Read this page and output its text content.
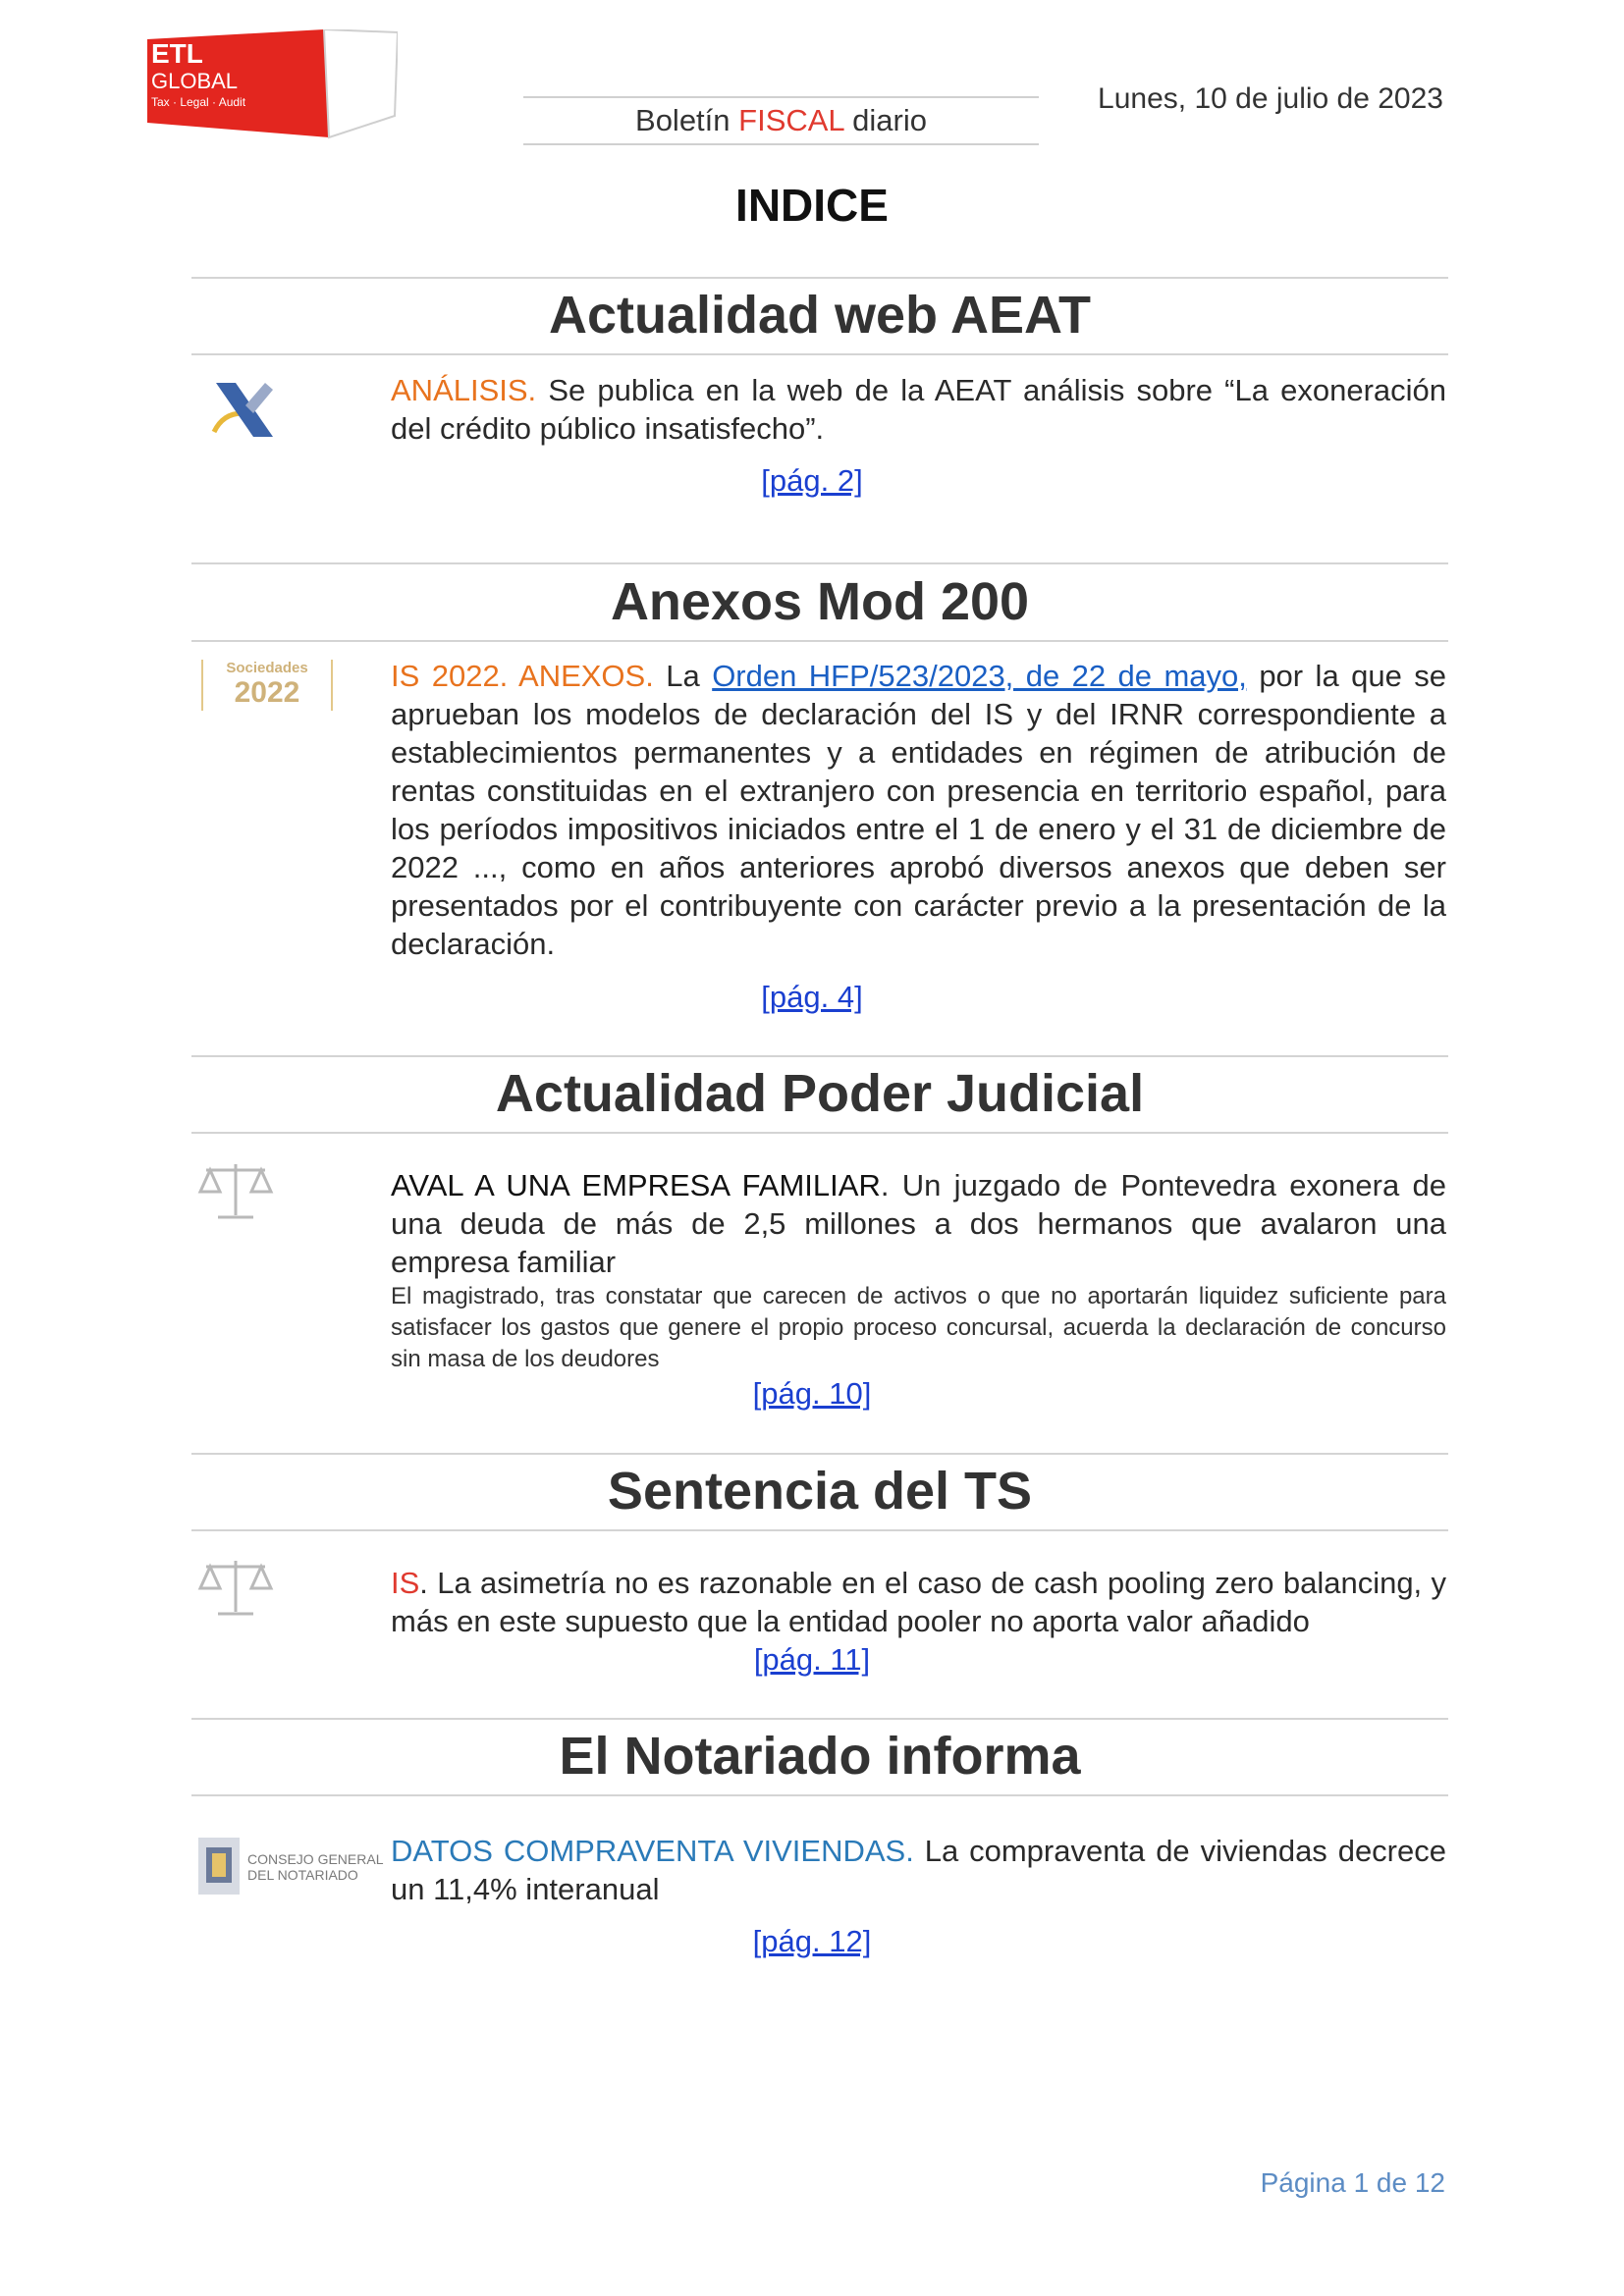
ETL
GLOBAL
Tax · Legal · Audit
Boletín FISCAL diario
Lunes, 10 de julio de 2023
INDICE
Actualidad web AEAT
ANÁLISIS. Se publica en la web de la AEAT análisis sobre “La exoneración del crédito público insatisfecho”.
[pág. 2]
Anexos Mod 200
Sociedades
2022	IS 2022. ANEXOS. La Orden HFP/523/2023, de 22 de mayo, por la que se aprueban los modelos de declaración del IS y del IRNR correspondiente a establecimientos permanentes y a entidades en régimen de atribución de rentas constituidas en el extranjero con presencia en territorio español, para los períodos impositivos iniciados entre el 1 de enero y el 31 de diciembre de 2022 ..., como en años anteriores aprobó diversos anexos que deben ser presentados por el contribuyente con carácter previo a la presentación de la declaración.
[pág. 4]
Actualidad Poder Judicial
AVAL A UNA EMPRESA FAMILIAR. Un juzgado de Pontevedra exonera de una deuda de más de 2,5 millones a dos hermanos que avalaron una empresa familiar
El magistrado, tras constatar que carecen de activos o que no aportarán liquidez suficiente para satisfacer los gastos que genere el propio proceso concursal, acuerda la declaración de concurso sin masa de los deudores
[pág. 10]
Sentencia del TS
IS. La asimetría no es razonable en el caso de cash pooling zero balancing, y más en este supuesto que la entidad pooler no aporta valor añadido
[pág. 11]
El Notariado informa
CONSEJO GENERAL
DEL NOTARIADO
DATOS COMPRAVENTA VIVIENDAS. La compraventa de viviendas decrece un 11,4% interanual
[pág. 12]
Página 1 de 12
